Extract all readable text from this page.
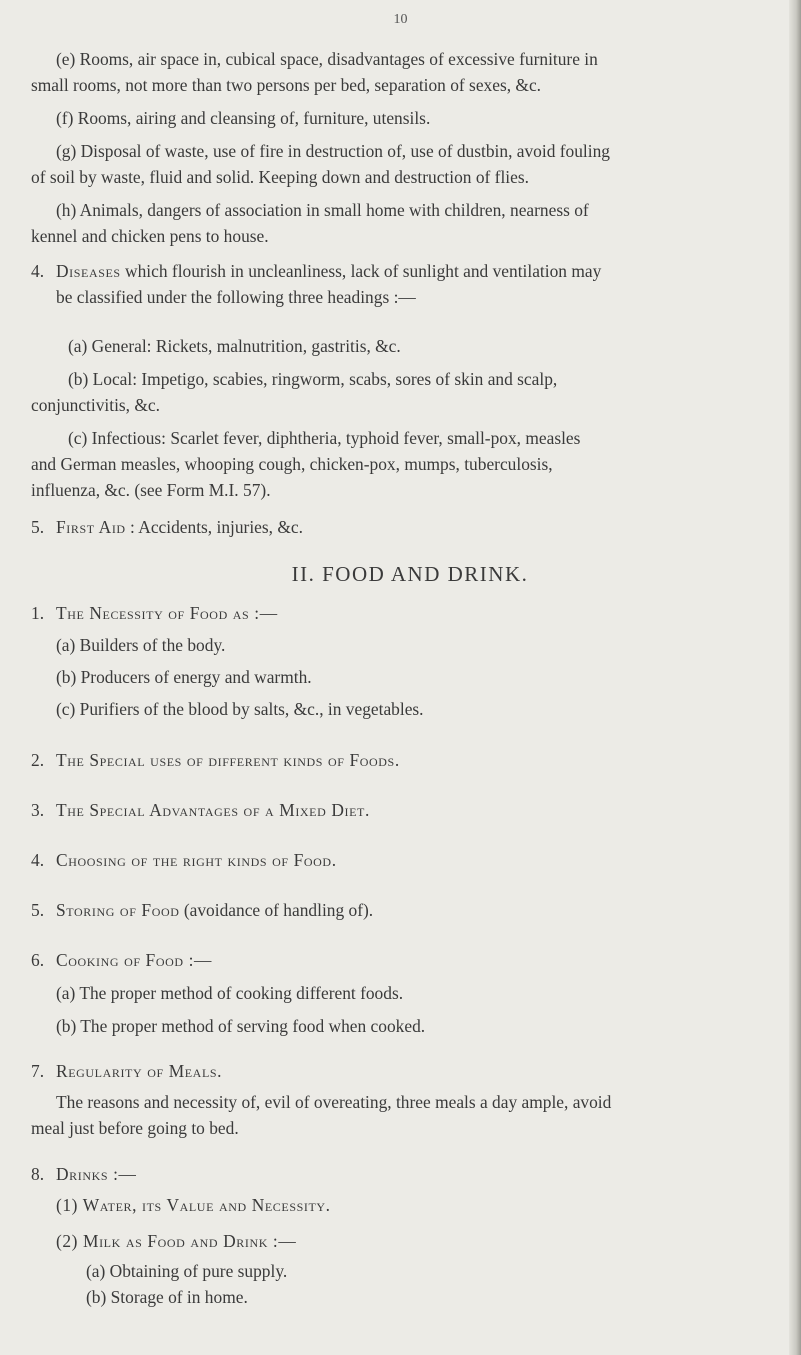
10

(e) Rooms, air space in, cubical space, disadvantages of excessive furniture in

small rooms, not more than two persons per bed, separation of sexes, &c.

(f) Rooms, airing and cleansing of, furniture, utensils.

(g) Disposal of waste, use of fire in destruction of, use of dustbin, avoid fouling

of soil by waste, fluid and solid. Keeping down and destruction of flies.

(h) Animals, dangers of association in small home with children, nearness of

kennel and chicken pens to house.

4. Diseases which flourish in uncleanliness, lack of sunlight and ventilation may

be classified under the following three headings :—

(a) General: Rickets, malnutrition, gastritis, &c.

(b) Local: Impetigo, scabies, ringworm, scabs, sores of skin and scalp,

conjunctivitis, &c.

(c) Infectious: Scarlet fever, diphtheria, typhoid fever, small-pox, measles

and German measles, whooping cough, chicken-pox, mumps, tuberculosis,

influenza, &c. (see Form M.I. 57).

5. First Aid : Accidents, injuries, &c.

II. FOOD AND DRINK.

1. The Necessity of Food as :—

(a) Builders of the body.

(b) Producers of energy and warmth.

(c) Purifiers of the blood by salts, &c., in vegetables.

2. The Special uses of different kinds of Foods.

3. The Special Advantages of a Mixed Diet.

4. Choosing of the right kinds of Food.

5. Storing of Food (avoidance of handling of).

6. Cooking of Food :—

(a) The proper method of cooking different foods.

(b) The proper method of serving food when cooked.

7. Regularity of Meals.

The reasons and necessity of, evil of overeating, three meals a day ample, avoid

meal just before going to bed.

8. Drinks :—

(1) Water, its Value and Necessity.

(2) Milk as Food and Drink :—

(a) Obtaining of pure supply.

(b) Storage of in home.
